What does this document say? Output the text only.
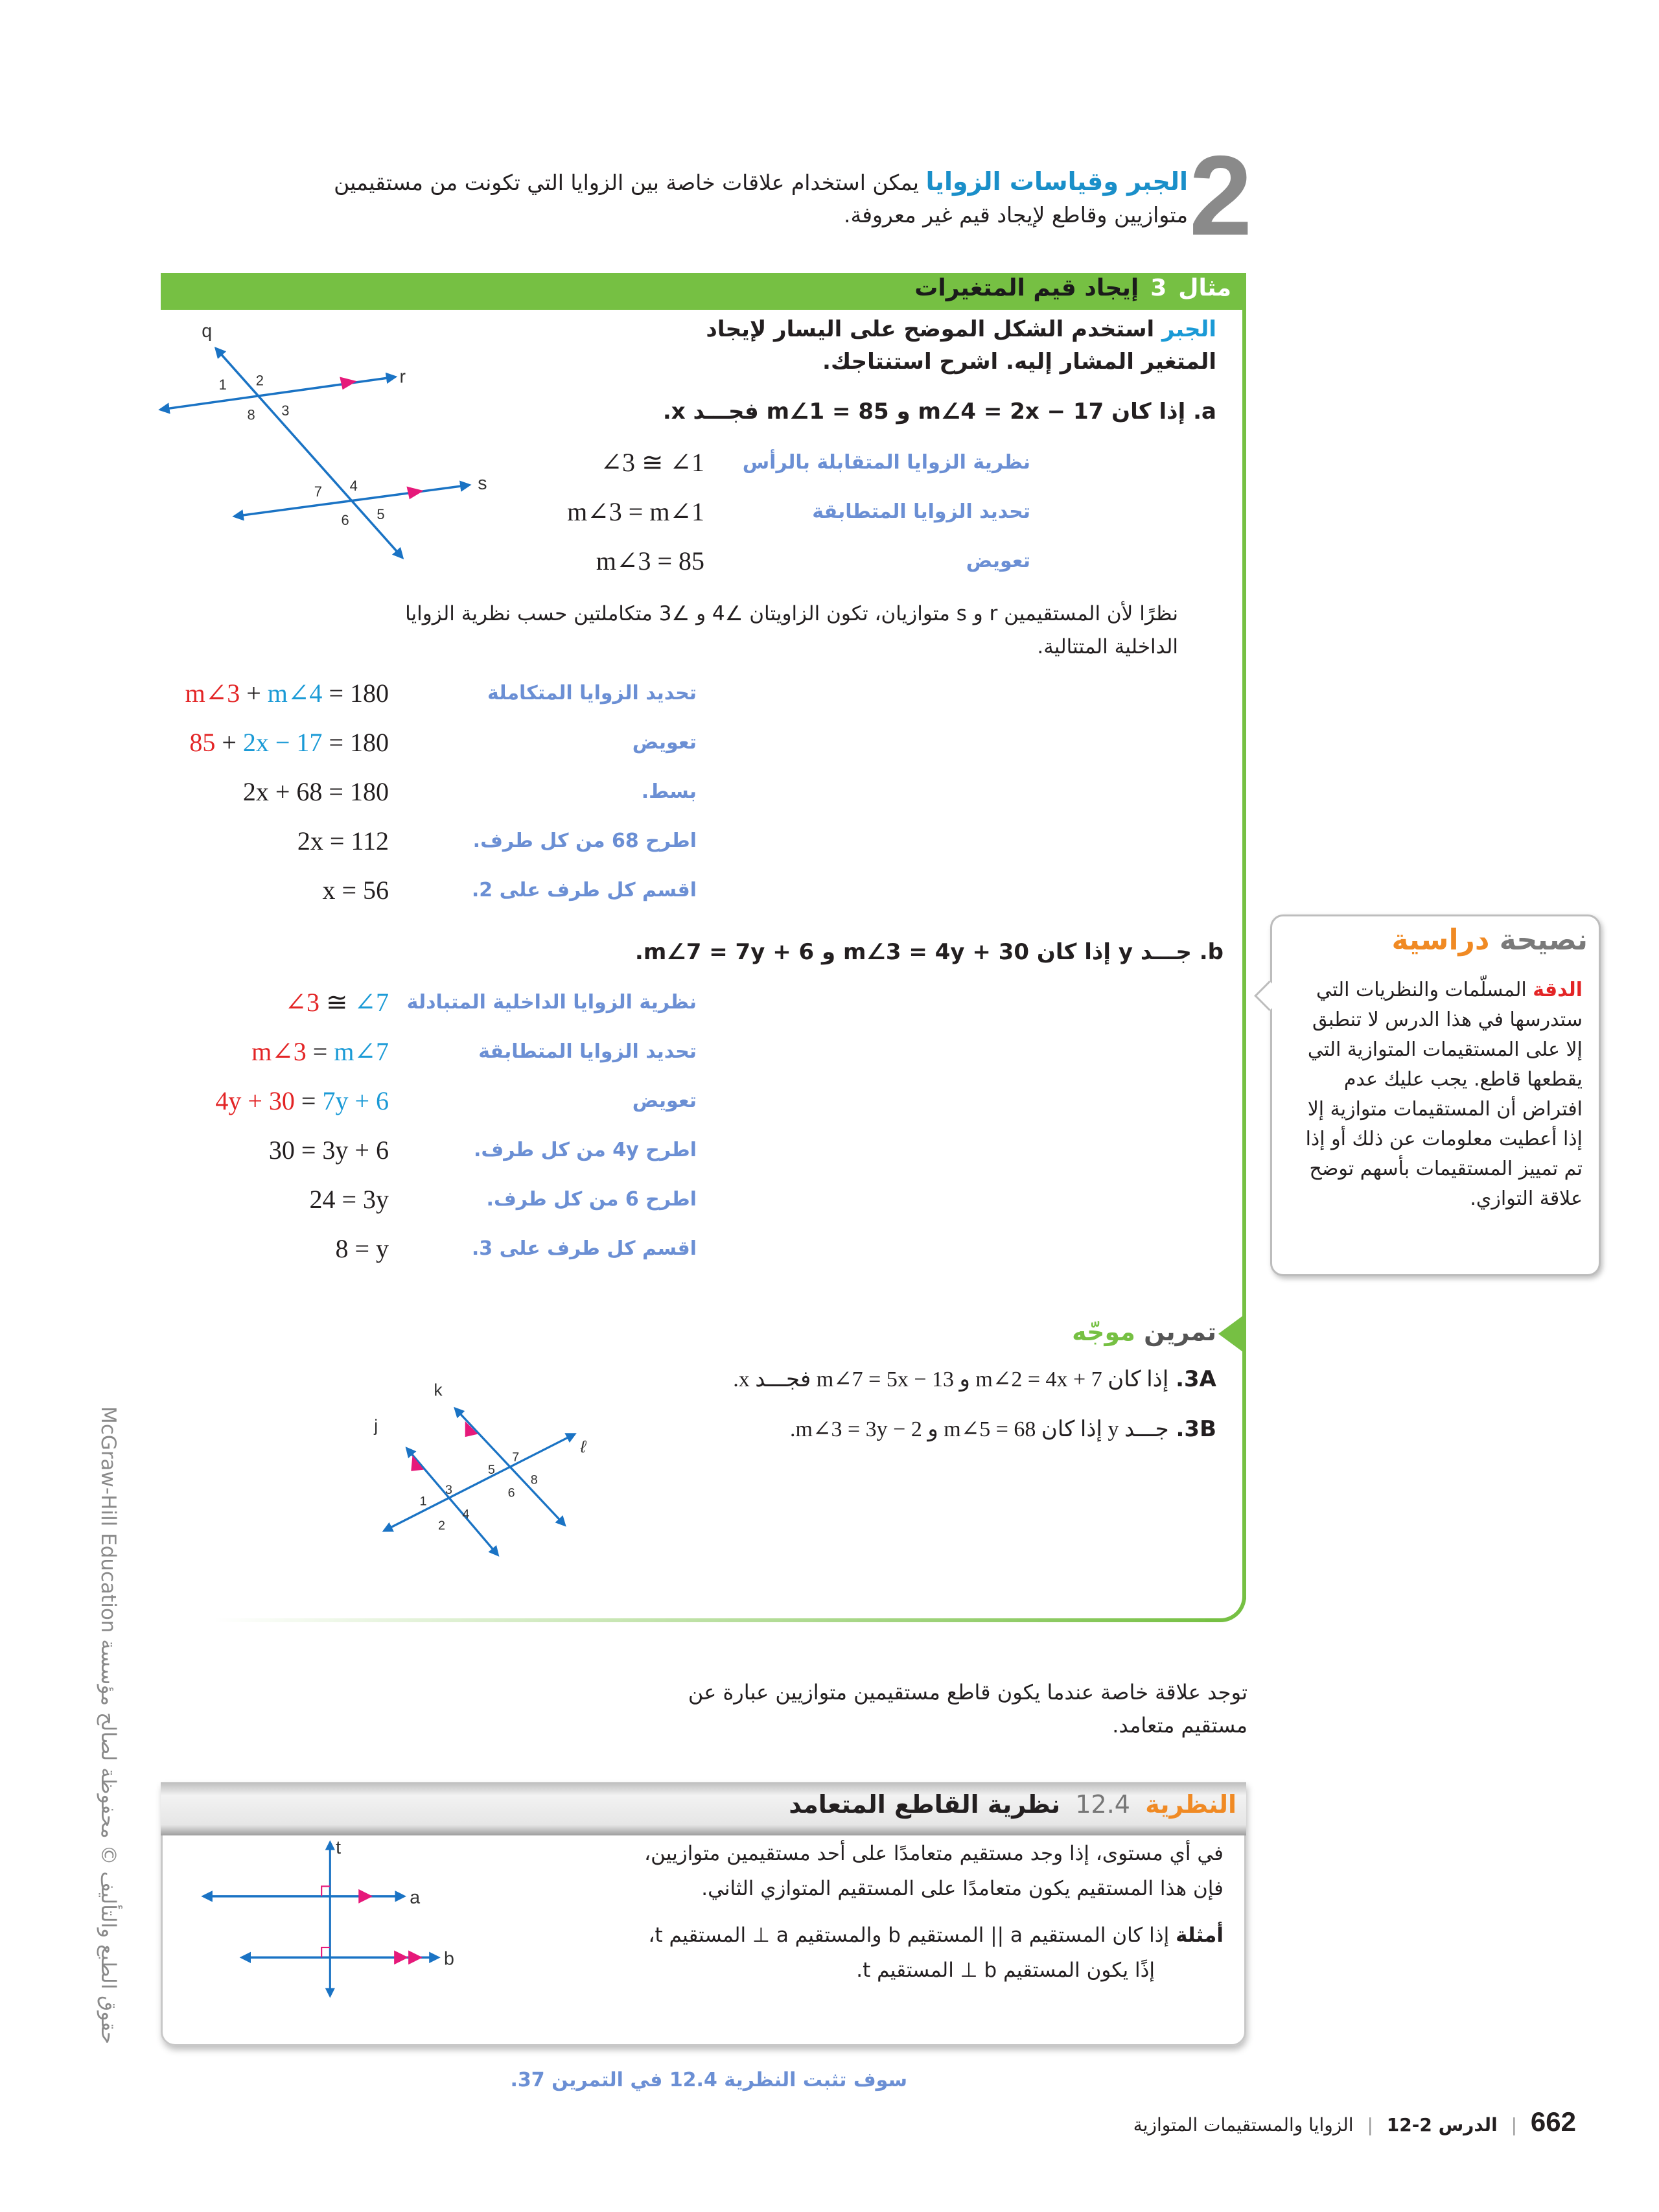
2
الجبر وقياسات الزوايا يمكن استخدام علاقات خاصة بين الزوايا التي تكونت من مستقيمين
متوازيين وقاطع لإيجاد قيم غير معروفة.
مثال3إيجاد قيم المتغيرات
q
r
s
1	2
3
4
5
6
7
8
الجبر استخدم الشكل الموضح على اليسار لإيجاد
المتغير المشار إليه. اشرح استنتاجك.
a. إذا كان m∠4 = 2x − 17 و m∠1 = 85 فجـــد x.
∠3 ≅ ∠1 نظرية الزوايا المتقابلة بالرأس
m∠3 = m∠1	تحديد الزوايا المتطابقة
m∠3 = 85	تعويض
نظرًا لأن المستقيمين r و s متوازيان، تكون الزاويتان ∠4 و ∠3 متكاملتين حسب نظرية الزوايا
الداخلية المتتالية.
m∠3 + m∠4 = 180	تحديد الزوايا المتكاملة
85 + 2x − 17 = 180	تعويض
2x + 68 = 180	بسط.
2x = 112	اطرح 68 من كل طرف.
x = 56	اقسم كل طرف على 2.
b. جـــد y إذا كان m∠3 = 4y + 30 و m∠7 = 7y + 6.
∠3 ≅ ∠7 نظرية الزوايا الداخلية المتبادلة
m∠3 = m∠7	تحديد الزوايا المتطابقة
4y + 30 = 7y + 6	تعويض
30 = 3y + 6	اطرح 4y من كل طرف.
24 = 3y	اطرح 6 من كل طرف.
8 = y	اقسم كل طرف على 3.
نصيحة دراسية
الدقة المسلّمات والنظريات التي ستدرسها في هذا الدرس لا تنطبق إلا على المستقيمات المتوازية التي يقطعها قاطع. يجب عليك عدم افتراض أن المستقيمات متوازية إلا إذا أعطيت معلومات عن ذلك أو إذا تم تمييز المستقيمات بأسهم توضح علاقة التوازي.
تمرين موجّه
3A. إذا كان m∠2 = 4x + 7 و m∠7 = 5x − 13 فجـــد x.
3B. جـــد y إذا كان m∠5 = 68 و m∠3 = 3y − 2.
j
k
ℓ
1
2
3
4
5
6
7
8
توجد علاقة خاصة عندما يكون قاطع مستقيمين متوازيين عبارة عن
مستقيم متعامد.
النظرية 12.4 نظرية القاطع المتعامد
في أي مستوى، إذا وجد مستقيم متعامدًا على أحد مستقيمين متوازيين،
فإن هذا المستقيم يكون متعامدًا على المستقيم المتوازي الثاني.
أمثلة إذا كان المستقيم a || المستقيم b والمستقيم a ⊥ المستقيم t،
إذًا يكون المستقيم b ⊥ المستقيم t.
t
a
b
سوف تثبت النظرية 12.4 في التمرين 37.
662 | الدرس 2-12 | الزوايا والمستقيمات المتوازية
McGraw-Hill Education حقوق الطبع والتأليف © محفوظة لصالح مؤسسة
